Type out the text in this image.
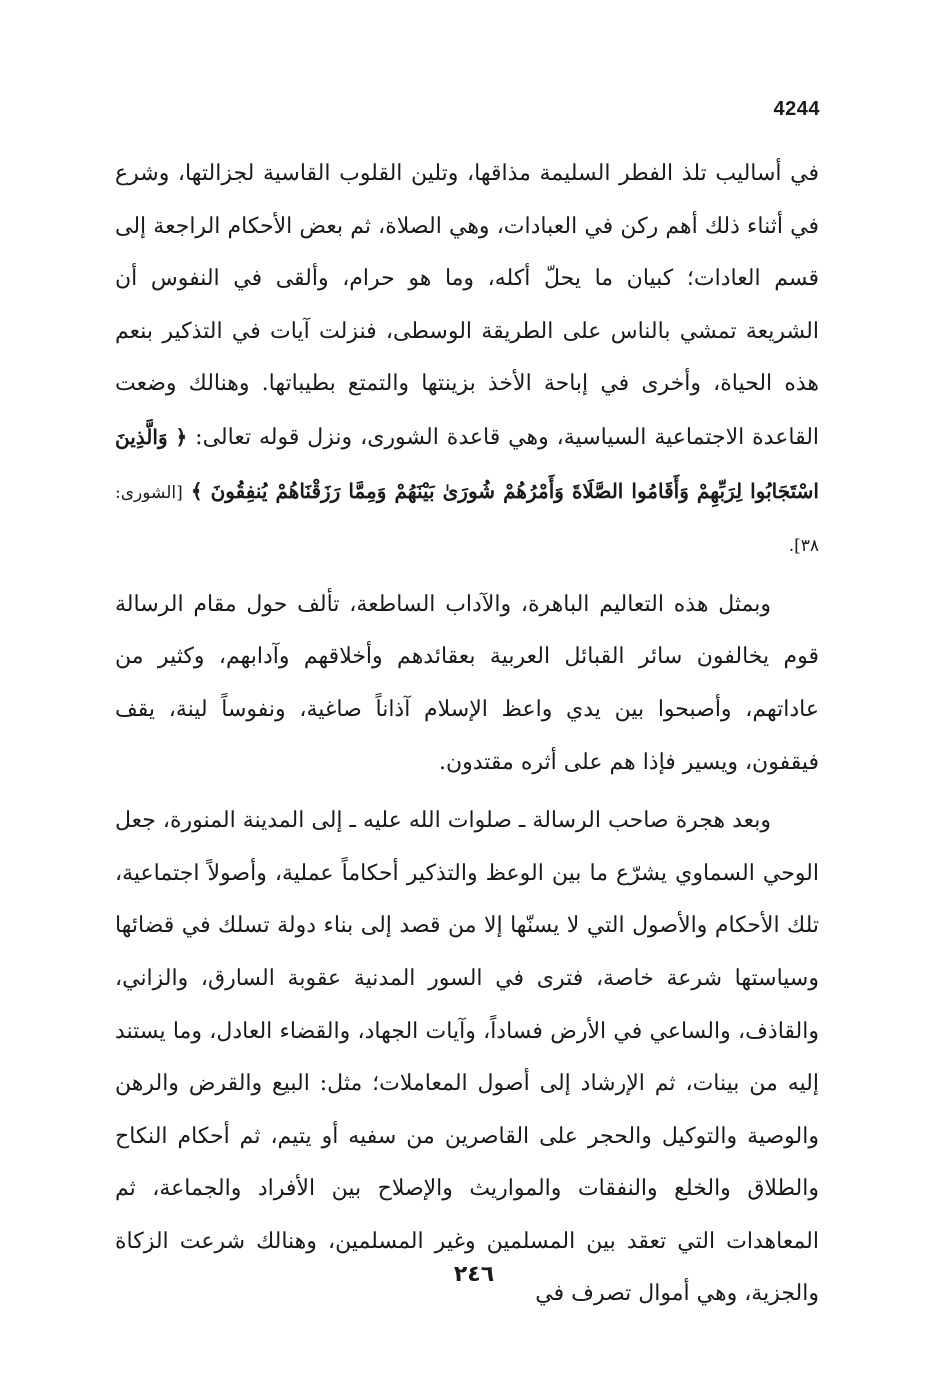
4244

في أساليب تلذ الفطر السليمة مذاقها، وتلين القلوب القاسية لجزالتها، وشرع في أثناء ذلك أهم ركن في العبادات، وهي الصلاة، ثم بعض الأحكام الراجعة إلى قسم العادات؛ كبيان ما يحلّ أكله، وما هو حرام، وألقى في النفوس أن الشريعة تمشي بالناس على الطريقة الوسطى، فنزلت آيات في التذكير بنعم هذه الحياة، وأخرى في إباحة الأخذ بزينتها والتمتع بطيباتها. وهنالك وضعت القاعدة الاجتماعية السياسية، وهي قاعدة الشورى، ونزل قوله تعالى: ﴿ وَالَّذِينَ اسْتَجَابُوا لِرَبِّهِمْ وَأَقَامُوا الصَّلَاةَ وَأَمْرُهُمْ شُورَىٰ بَيْنَهُمْ وَمِمَّا رَزَقْنَاهُمْ يُنفِقُونَ ﴾ [الشورى: ٣٨].

وبمثل هذه التعاليم الباهرة، والآداب الساطعة، تألف حول مقام الرسالة قوم يخالفون سائر القبائل العربية بعقائدهم وأخلاقهم وآدابهم، وكثير من عاداتهم، وأصبحوا بين يدي واعظ الإسلام آذاناً صاغية، ونفوساً لينة، يقف فيقفون، ويسير فإذا هم على أثره مقتدون.

وبعد هجرة صاحب الرسالة ـ صلوات الله عليه ـ إلى المدينة المنورة، جعل الوحي السماوي يشرّع ما بين الوعظ والتذكير أحكاماً عملية، وأصولاً اجتماعية، تلك الأحكام والأصول التي لا يسنّها إلا من قصد إلى بناء دولة تسلك في قضائها وسياستها شرعة خاصة، فترى في السور المدنية عقوبة السارق، والزاني، والقاذف، والساعي في الأرض فساداً، وآيات الجهاد، والقضاء العادل، وما يستند إليه من بينات، ثم الإرشاد إلى أصول المعاملات؛ مثل: البيع والقرض والرهن والوصية والتوكيل والحجر على القاصرين من سفيه أو يتيم، ثم أحكام النكاح والطلاق والخلع والنفقات والمواريث والإصلاح بين الأفراد والجماعة، ثم المعاهدات التي تعقد بين المسلمين وغير المسلمين، وهنالك شرعت الزكاة والجزية، وهي أموال تصرف في

٢٤٦
